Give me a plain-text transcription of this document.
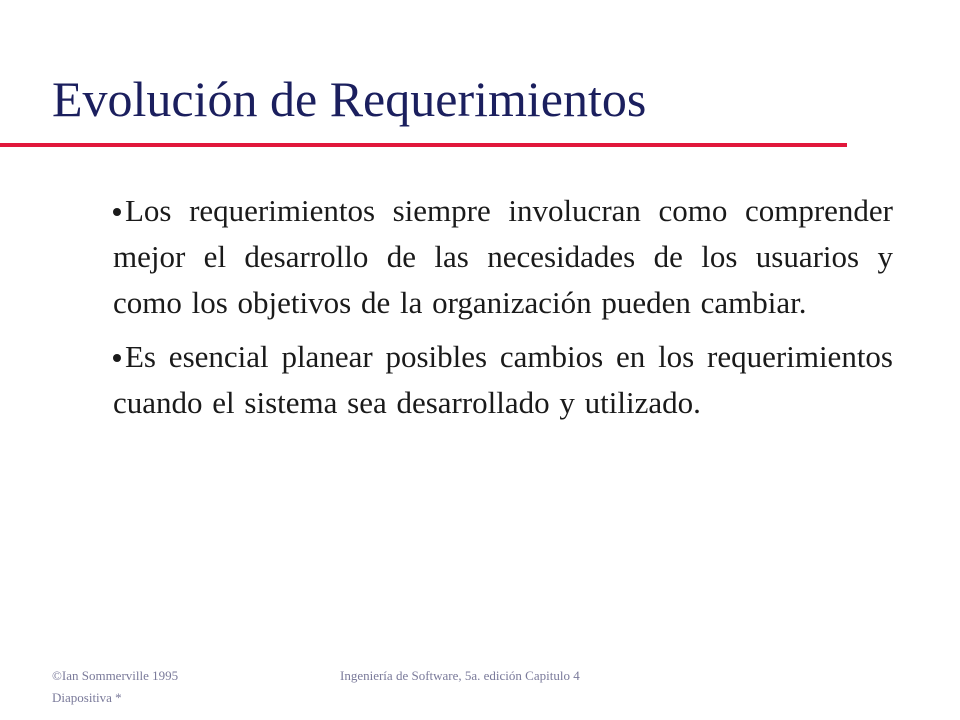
Evolución de Requerimientos
Los requerimientos siempre involucran como comprender mejor el desarrollo de las necesidades de los usuarios y como los objetivos de la organización pueden cambiar.
Es esencial planear posibles cambios en los requerimientos cuando el sistema sea desarrollado y utilizado.
©Ian Sommerville 1995
Diapositiva *
Ingeniería de Software, 5a. edición Capitulo 4
